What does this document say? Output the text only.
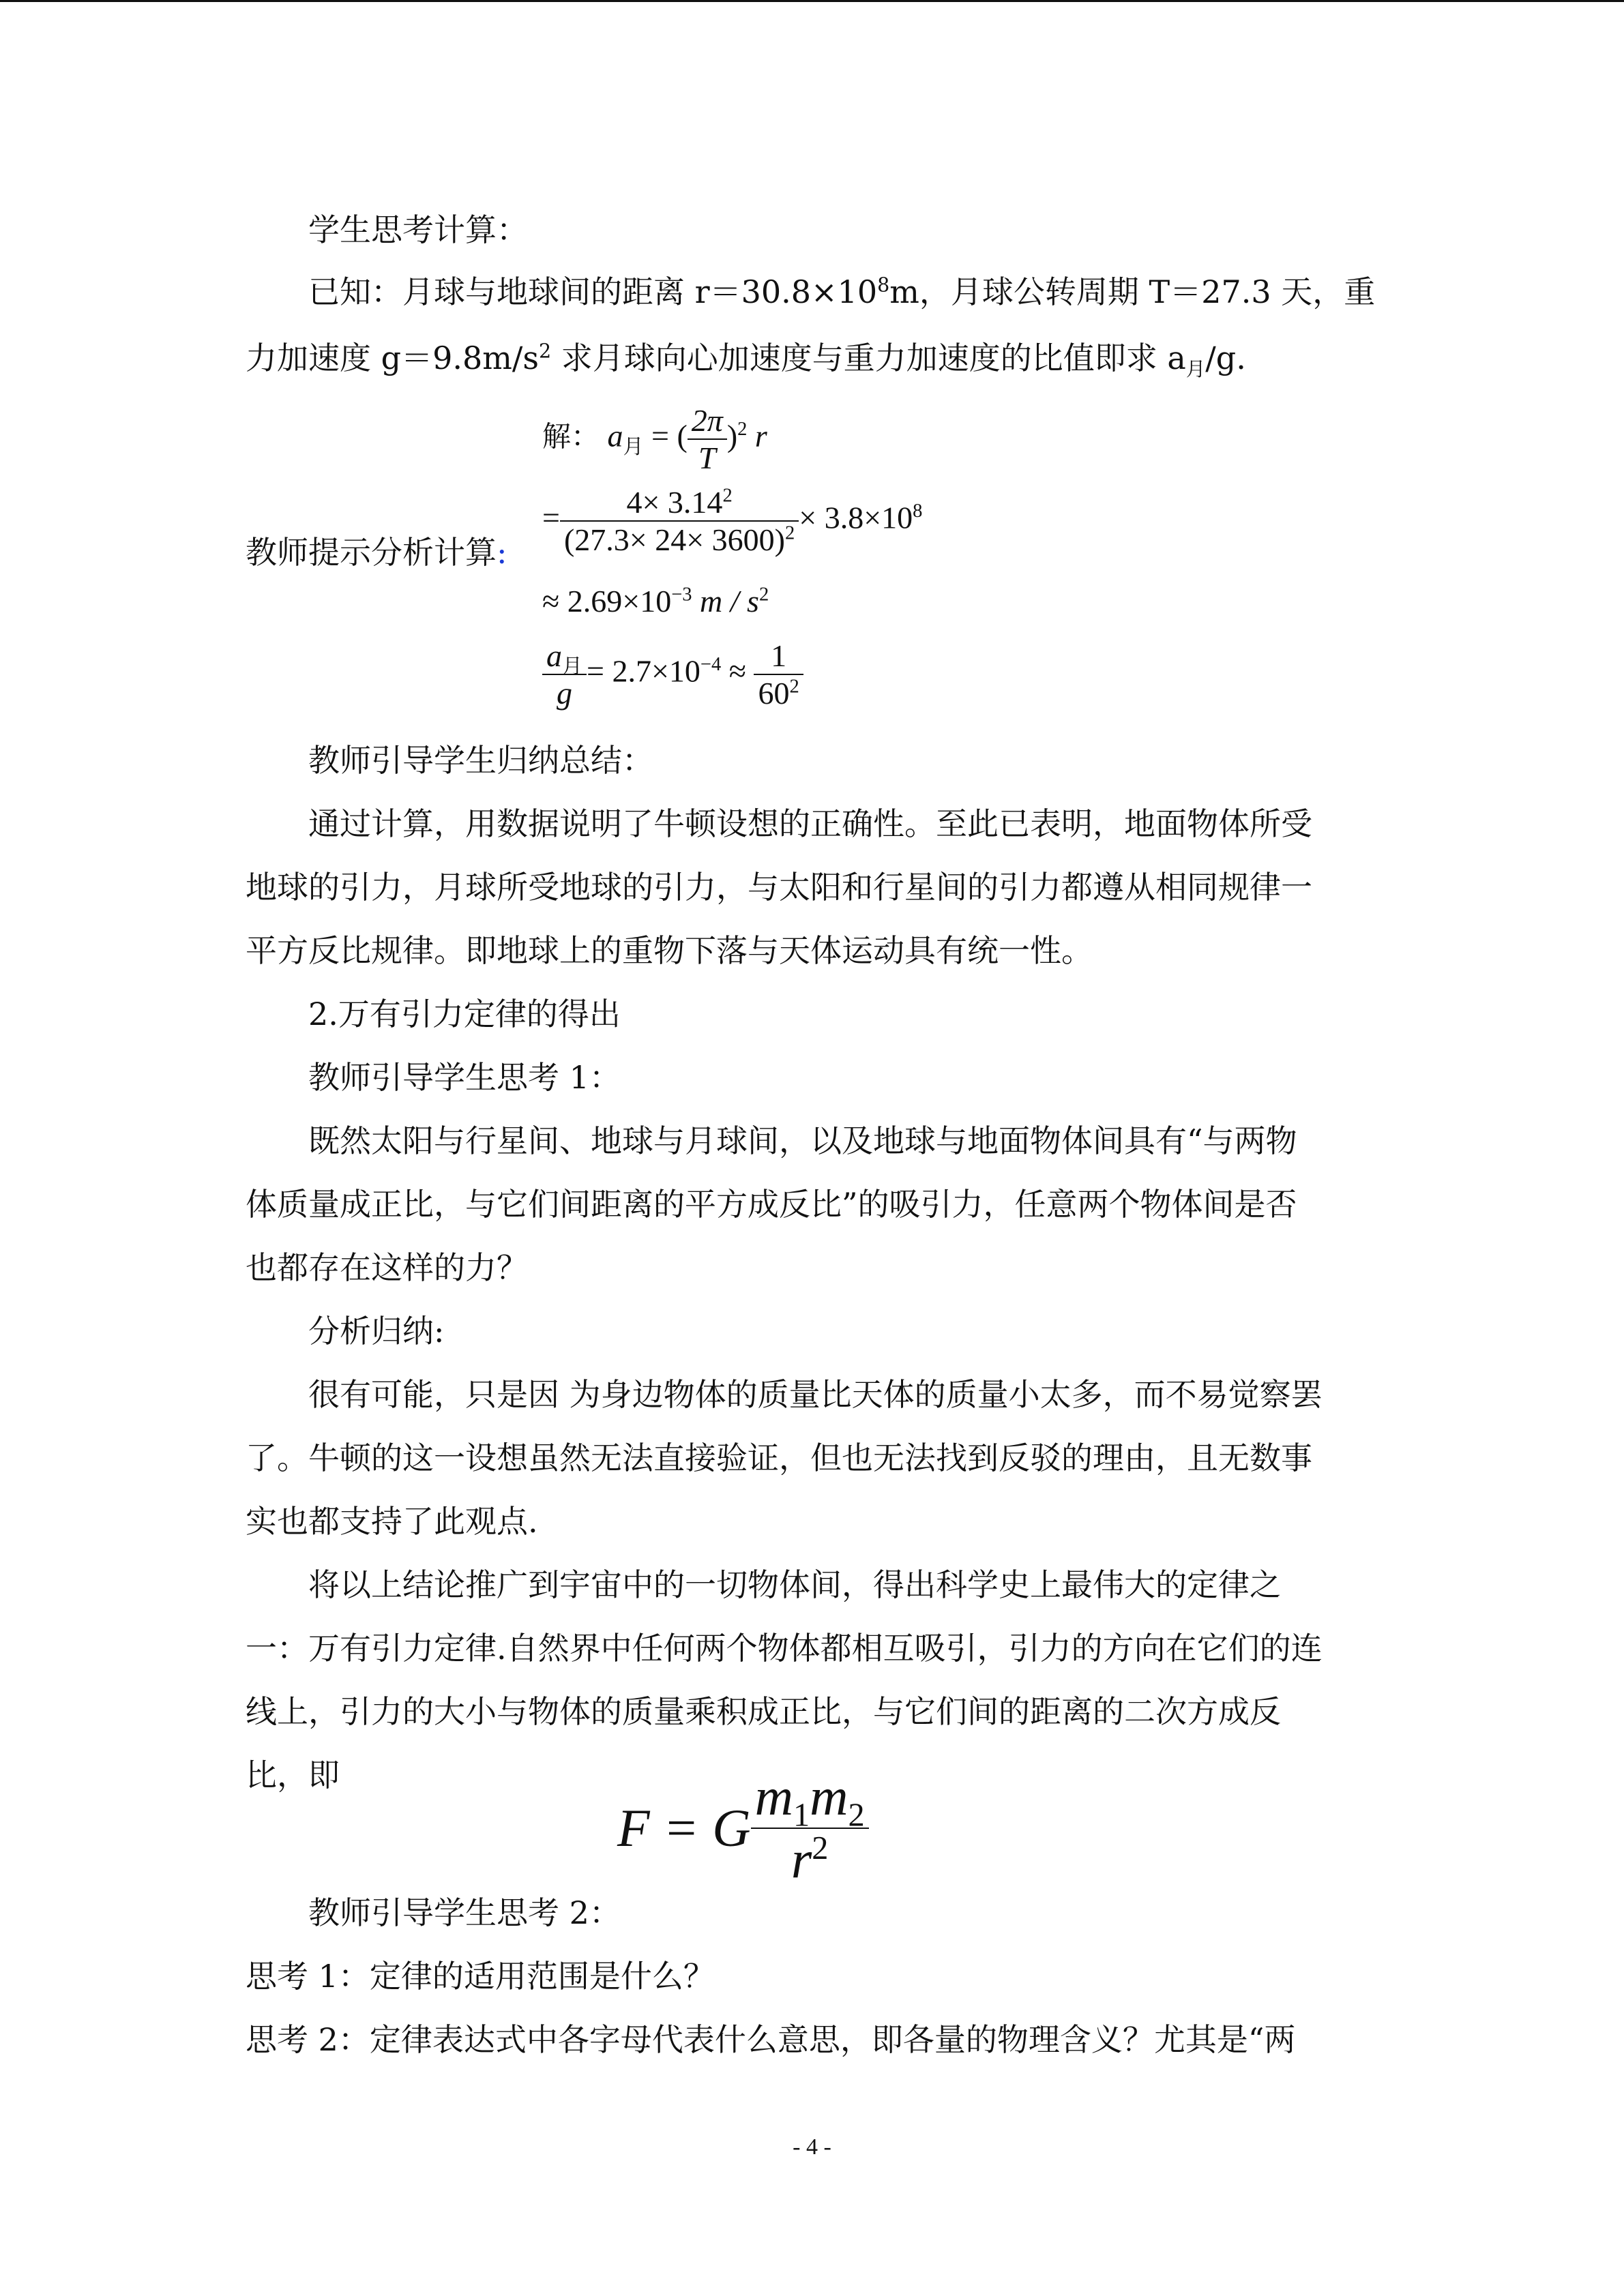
学生思考计算：
已知：月球与地球间的距离 $r=30.8\times 10^8m$，月球公转周期 T＝27.3 天，重
力加速度 $g=9.8m/s^2$ 求月球向心加速度与重力加速度的比值即求 $a_月/g$.
解： $a_月$ = ( $\frac{2\pi}{T} )^2$ r
教师提示分析计算:
= $\frac{4\times 3.14^2}{(27.3\times 24\times 3600)^2} \times 3.8\times 10^8$
≈ $2.69\times 10^{-3}$ m / $s^2$
$\frac{a_月}{g} = 2.7\times 10^{-4} \approx \frac{1}{60^2}$
教师引导学生归纳总结：
通过计算，用数据说明了牛顿设想的正确性。至此已表明，地面物体所受
地球的引力，月球所受地球的引力，与太阳和行星间的引力都遵从相同规律一
平方反比规律。即地球上的重物下落与天体运动具有统一性。
2.万有引力定律的得出
教师引导学生思考 1：
既然太阳与行星间、地球与月球间，以及地球与地面物体间具有“与两物
体质量成正比，与它们间距离的平方成反比”的吸引力，任意两个物体间是否
也都存在这样的力？
分析归纳:
很有可能，只是因 为身边物体的质量比天体的质量小太多，而不易觉察罢
了。牛顿的这一设想虽然无法直接验证，但也无法找到反驳的理由，且无数事
实也都支持了此观点.
将以上结论推广到宇宙中的一切物体间，得出科学史上最伟大的定律之
一：万有引力定律.自然界中任何两个物体都相互吸引，引力的方向在它们的连
线上，引力的大小与物体的质量乘积成正比，与它们间的距离的二次方成反
比，即
F = G $\frac{m_1m_2}{r^2}$
教师引导学生思考 2：
思考 1：定律的适用范围是什么？
思考 2：定律表达式中各字母代表什么意思，即各量的物理含义？尤其是“两
- 4 -
